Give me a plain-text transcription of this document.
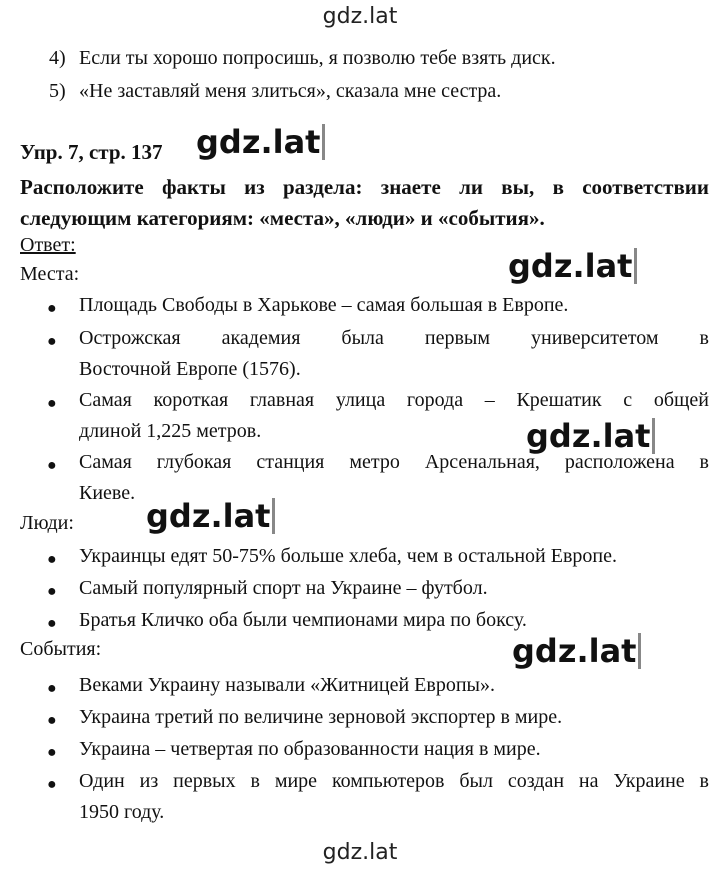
gdz.lat
4) Если ты хорошо попросишь, я позволю тебе взять диск.
5) «Не заставляй меня злиться», сказала мне сестра.
Упр. 7, стр. 137 gdz.lat
Расположите факты из раздела: знаете ли вы, в соответствии
следующим категориям: «места», «люди» и «события».
Ответ:
Места:	gdz.lat
● Площадь Свободы в Харькове – самая большая в Европе.
● Острожская академия была первым университетом в
Восточной Европе (1576).
● Самая короткая главная улица города – Крешатик с общей
длиной 1,225 метров.	gdz.lat
● Самая глубокая станция метро Арсенальная, расположена в
Киеве.
Люди: gdz.lat
● Украинцы едят 50-75% больше хлеба, чем в остальной Европе.
● Самый популярный спорт на Украине – футбол.
● Братья Кличко оба были чемпионами мира по боксу.
События:	gdz.lat
● Веками Украину называли «Житницей Европы».
● Украина третий по величине зерновой экспортер в мире.
● Украина – четвертая по образованности нация в мире.
● Один из первых в мире компьютеров был создан на Украине в
1950 году.
gdz.lat
